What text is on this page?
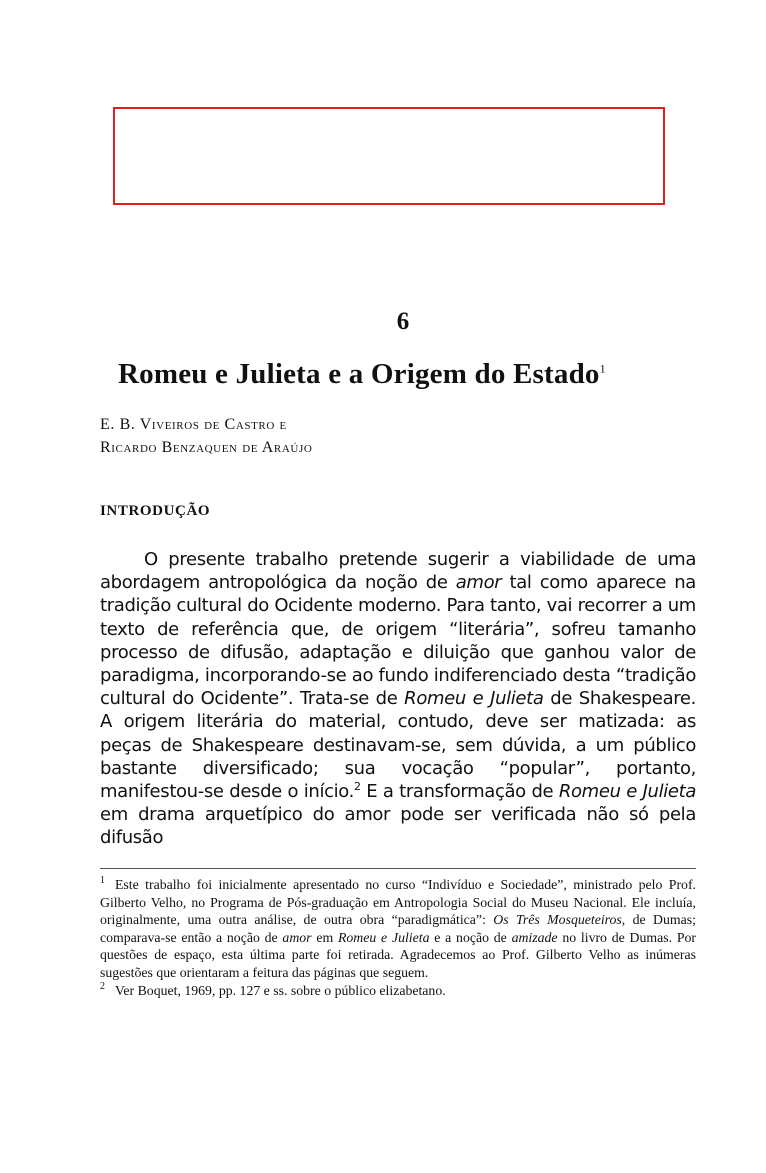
6
Romeu e Julieta e a Origem do Estado$^1$
E. B. Viveiros de Castro e
Ricardo Benzaquen de Araújo
INTRODUÇÃO

O presente trabalho pretende sugerir a viabilidade de uma abordagem antropológica da noção de amor tal como aparece na tradição cultural do Ocidente moderno. Para tanto, vai recorrer a um texto de referência que, de origem “literária”, sofreu tamanho processo de difusão, adaptação e diluição que ganhou valor de paradigma, incorporando-se ao fundo indiferenciado desta “tradição cultural do Ocidente”. Trata-se de Romeu e Julieta de Shakespeare. A origem literária do material, contudo, deve ser matizada: as peças de Shakespeare destinavam-se, sem dúvida, a um público bastante diversificado; sua vocação “popular”, portanto, manifestou-se desde o início.$^2$ E a transformação de Romeu e Julieta em drama arquetípico do amor pode ser verificada não só pela difusão

$^1$ Este trabalho foi inicialmente apresentado no curso “Indivíduo e Sociedade”, ministrado pelo Prof. Gilberto Velho, no Programa de Pós-graduação em Antropologia Social do Museu Nacional. Ele incluía, originalmente, uma outra análise, de outra obra “paradigmática”: Os Três Mosqueteiros, de Dumas; comparava-se então a noção de amor em Romeu e Julieta e a noção de amizade no livro de Dumas. Por questões de espaço, esta última parte foi retirada. Agradecemos ao Prof. Gilberto Velho as inúmeras sugestões que orientaram a feitura das páginas que seguem.

$^2$ Ver Boquet, 1969, pp. 127 e ss. sobre o público elizabetano.
